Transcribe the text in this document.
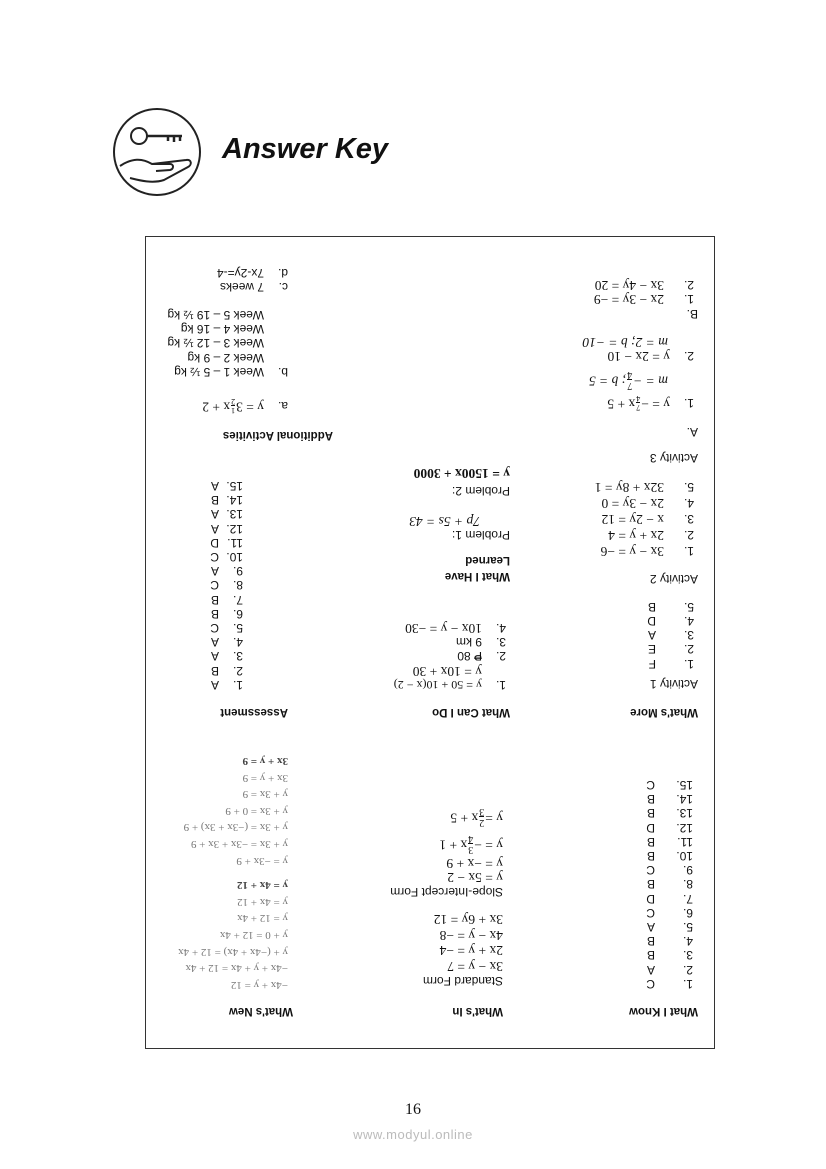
Answer Key
What I Know
1.C
2.A
3.B
4.B
5.A
6.C
7.D
8.B
9.C
10.B
11.B
12.D
13.B
14.B
15.C
What's In
Standard Form
3x − y = 7
2x + y = −4
4x − y = −8
3x + 6y = 12
Slope-Intercept Form
y = 5x − 2
y = −x + 9
y = −
3
4
x + 1
y =
2
3
x + 5
What's New
−4x + y = 12
−4x + y + 4x = 12 + 4x
y + (−4x + 4x) = 12 + 4x
y + 0 = 12 + 4x
y = 12 + 4x
y = 4x + 12
y = 4x + 12
y = −3x + 9
y + 3x = −3x + 3x + 9
y + 3x = (−3x + 3x) + 9
y + 3x = 0 + 9
y + 3x = 9
3x + y = 9
3x + y = 9
What's More
Activity 1
1.F
2.E
3.A
4.D
5.B
Activity 2
1.3x − y = −6
2.2x + y = 4
3.x − 2y = 12
4.2x − 3y = 0
5.32x + 8y = 1
Activity 3
A.
1.y = −
7
4
x + 5
m = −
7
4
; b = 5
2.y = 2x − 10
m = 2; b = −10
B.
1.2x − 3y = −9
2.3x − 4y = 20
What Can I Do
1.y = 50 + 10(x − 2)
y = 10x + 30
2.₱ 80
3.9 km
4.10x − y = −30
What I Have
Learned
Problem 1:
7p + 5s = 43
Problem 2:
y = 1500x + 3000
Assessment
1.A
2.B
3.A
4.A
5.C
6.B
7.B
8.C
9.A
10.C
11.D
12.A
13.A
14.B
15.A
Additional Activities
a.y = 3
1
2
x + 2
b.Week 1 – 5 ½ kg
Week 2 – 9 kg
Week 3 – 12 ½ kg
Week 4 – 16 kg
Week 5 – 19 ½ kg
c.7 weeks
d.7x-2y=-4
16
www.modyul.online
